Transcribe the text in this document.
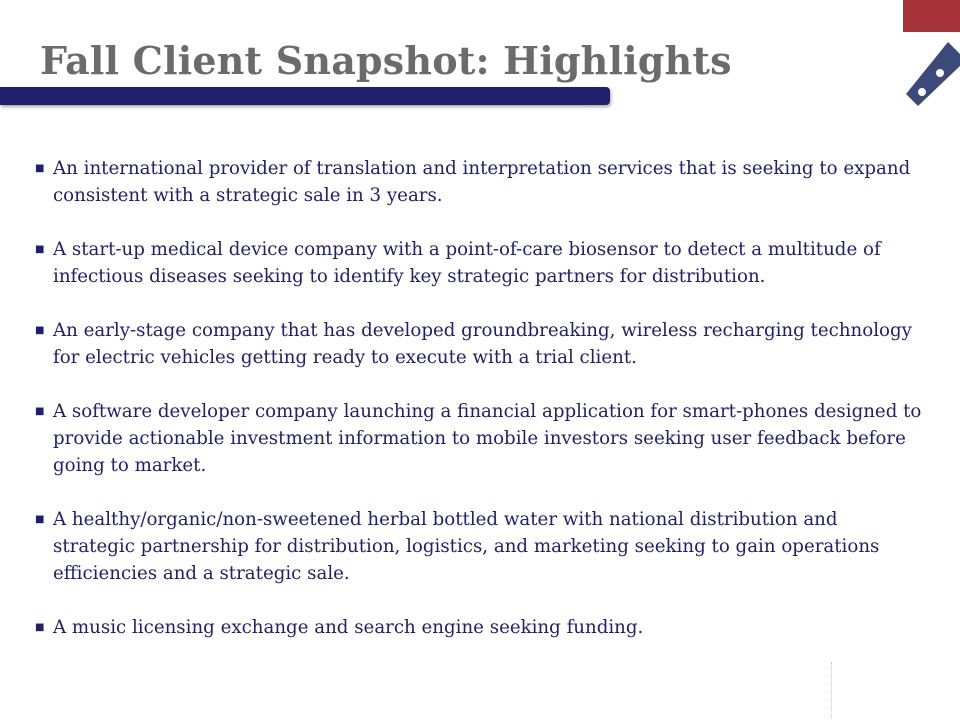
Fall Client Snapshot: Highlights
■ An international provider of translation and interpretation services that is seeking to expand consistent with a strategic sale in 3 years.
■ A start-up medical device company with a point-of-care biosensor to detect a multitude of infectious diseases seeking to identify key strategic partners for distribution.
■ An early-stage company that has developed groundbreaking, wireless recharging technology for electric vehicles getting ready to execute with a trial client.
■ A software developer company launching a financial application for smart-phones designed to provide actionable investment information to mobile investors seeking user feedback before going to market.
■ A healthy/organic/non-sweetened herbal bottled water with national distribution and strategic partnership for distribution, logistics, and marketing seeking to gain operations efficiencies and a strategic sale.
■ A music licensing exchange and search engine seeking funding.
